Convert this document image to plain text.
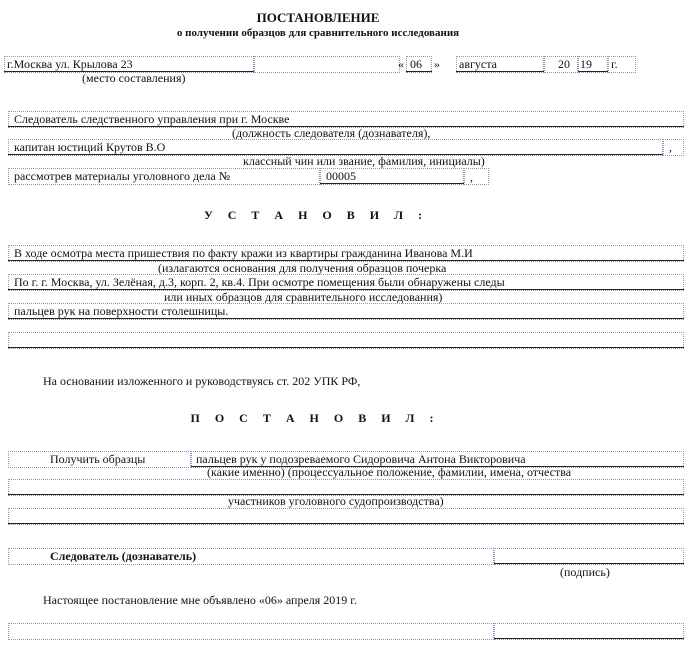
ПОСТАНОВЛЕНИЕ
о получении образцов для сравнительного исследования
г.Москва ул. Крылова 23
(место составления)
« 06 » августа	20 19 г.
Следователь следственного управления при г. Москве
(должность следователя (дознавателя),
капитан юстиций Крутов В.О	,
классный чин или звание, фамилия, инициалы)
рассмотрев материалы уголовного дела №	00005	,
У С Т А Н О В И Л :
В ходе осмотра места пришествия по факту кражи из квартиры гражданина Иванова М.И
(излагаются основания для получения образцов почерка
По г. г. Москва, ул. Зелёная, д.3, корп. 2, кв.4. При осмотре помещения были обнаружены следы
или иных образцов для сравнительного исследования)
пальцев рук на поверхности столешницы.
На основании изложенного и руководствуясь ст. 202 УПК РФ,
П О С Т А Н О В И Л :
Получить образцы	пальцев рук у подозреваемого Сидоровича Антона Викторовича
(какие именно) (процессуальное положение, фамилии, имена, отчества
участников уголовного судопроизводства)
Следователь (дознаватель)
(подпись)
Настоящее постановление мне объявлено «06» апреля 2019 г.
